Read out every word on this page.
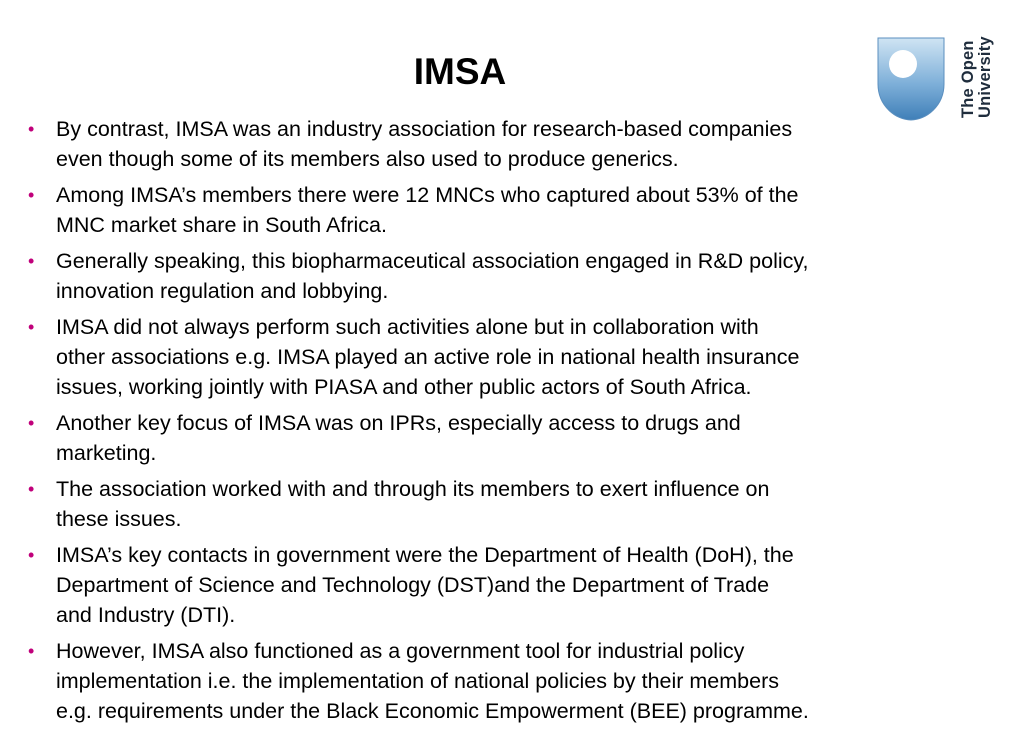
IMSA	The Open University
• By contrast, IMSA was an industry association for research-based companies
even though some of its members also used to produce generics.
• Among IMSA’s members there were 12 MNCs who captured about 53% of the
MNC market share in South Africa.
• Generally speaking, this biopharmaceutical association engaged in R&D policy,
innovation regulation and lobbying.
• IMSA did not always perform such activities alone but in collaboration with
other associations e.g. IMSA played an active role in national health insurance
issues, working jointly with PIASA and other public actors of South Africa.
• Another key focus of IMSA was on IPRs, especially access to drugs and
marketing.
• The association worked with and through its members to exert influence on
these issues.
• IMSA’s key contacts in government were the Department of Health (DoH), the
Department of Science and Technology (DST)and the Department of Trade
and Industry (DTI).
• However, IMSA also functioned as a government tool for industrial policy
implementation i.e. the implementation of national policies by their members
e.g. requirements under the Black Economic Empowerment (BEE) programme.
